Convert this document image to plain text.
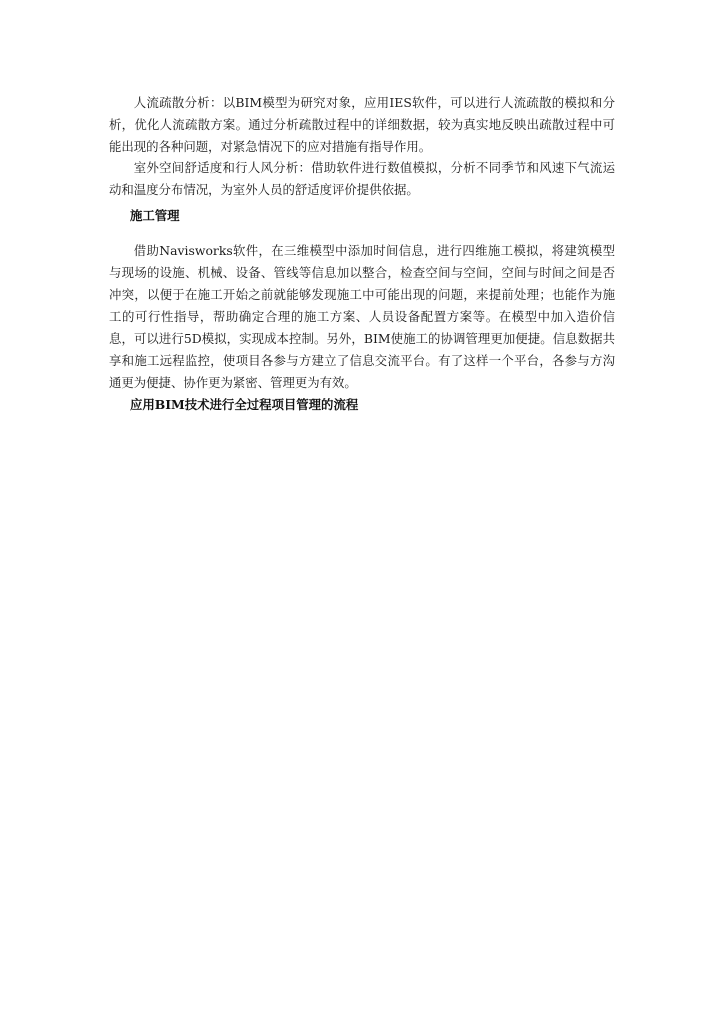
人流疏散分析：以BIM模型为研究对象，应用IES软件，可以进行人流疏散的模拟和分析，优化人流疏散方案。通过分析疏散过程中的详细数据，较为真实地反映出疏散过程中可能出现的各种问题，对紧急情况下的应对措施有指导作用。

室外空间舒适度和行人风分析：借助软件进行数值模拟，分析不同季节和风速下气流运动和温度分布情况，为室外人员的舒适度评价提供依据。

施工管理

借助Navisworks软件，在三维模型中添加时间信息，进行四维施工模拟，将建筑模型与现场的设施、机械、设备、管线等信息加以整合，检查空间与空间，空间与时间之间是否冲突，以便于在施工开始之前就能够发现施工中可能出现的问题，来提前处理；也能作为施工的可行性指导，帮助确定合理的施工方案、人员设备配置方案等。在模型中加入造价信息，可以进行5D模拟，实现成本控制。另外，BIM使施工的协调管理更加便捷。信息数据共享和施工远程监控，使项目各参与方建立了信息交流平台。有了这样一个平台，各参与方沟通更为便捷、协作更为紧密、管理更为有效。

应用BIM技术进行全过程项目管理的流程
